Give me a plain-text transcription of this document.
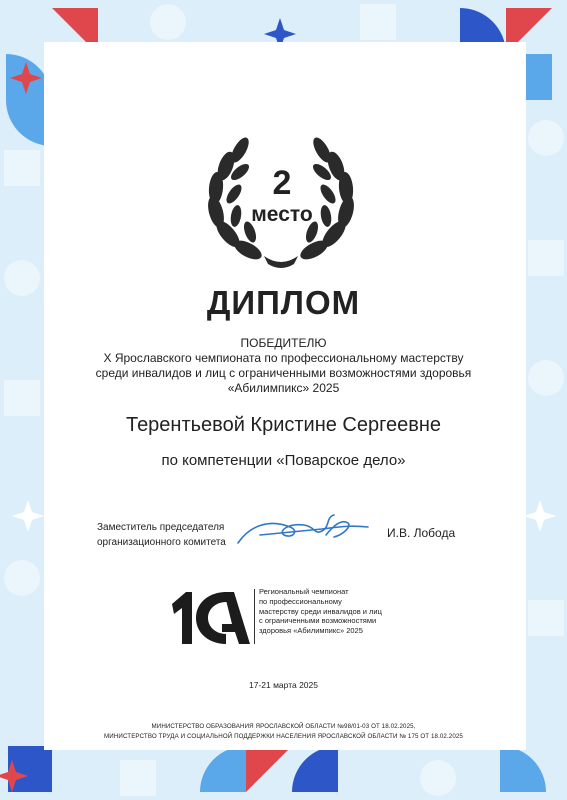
2
место
ДИПЛОМ
ПОБЕДИТЕЛЮ
X Ярославского чемпионата по профессиональному мастерству
среди инвалидов и лиц с ограниченными возможностями здоровья
«Абилимпикс» 2025
Терентьевой Кристине Сергеевне
по компетенции «Поварское дело»
Заместитель председателя
организационного комитета
И.В. Лобода
Региональный чемпионат
по профессиональному
мастерству среди инвалидов и лиц
с ограниченными возможностями
здоровья «Абилимпикс» 2025
17-21 марта 2025
МИНИСТЕРСТВО ОБРАЗОВАНИЯ ЯРОСЛАВСКОЙ ОБЛАСТИ №98/01-03 ОТ 18.02.2025,
МИНИСТЕРСТВО ТРУДА И СОЦИАЛЬНОЙ ПОДДЕРЖКИ НАСЕЛЕНИЯ ЯРОСЛАВСКОЙ ОБЛАСТИ № 175 ОТ 18.02.2025
